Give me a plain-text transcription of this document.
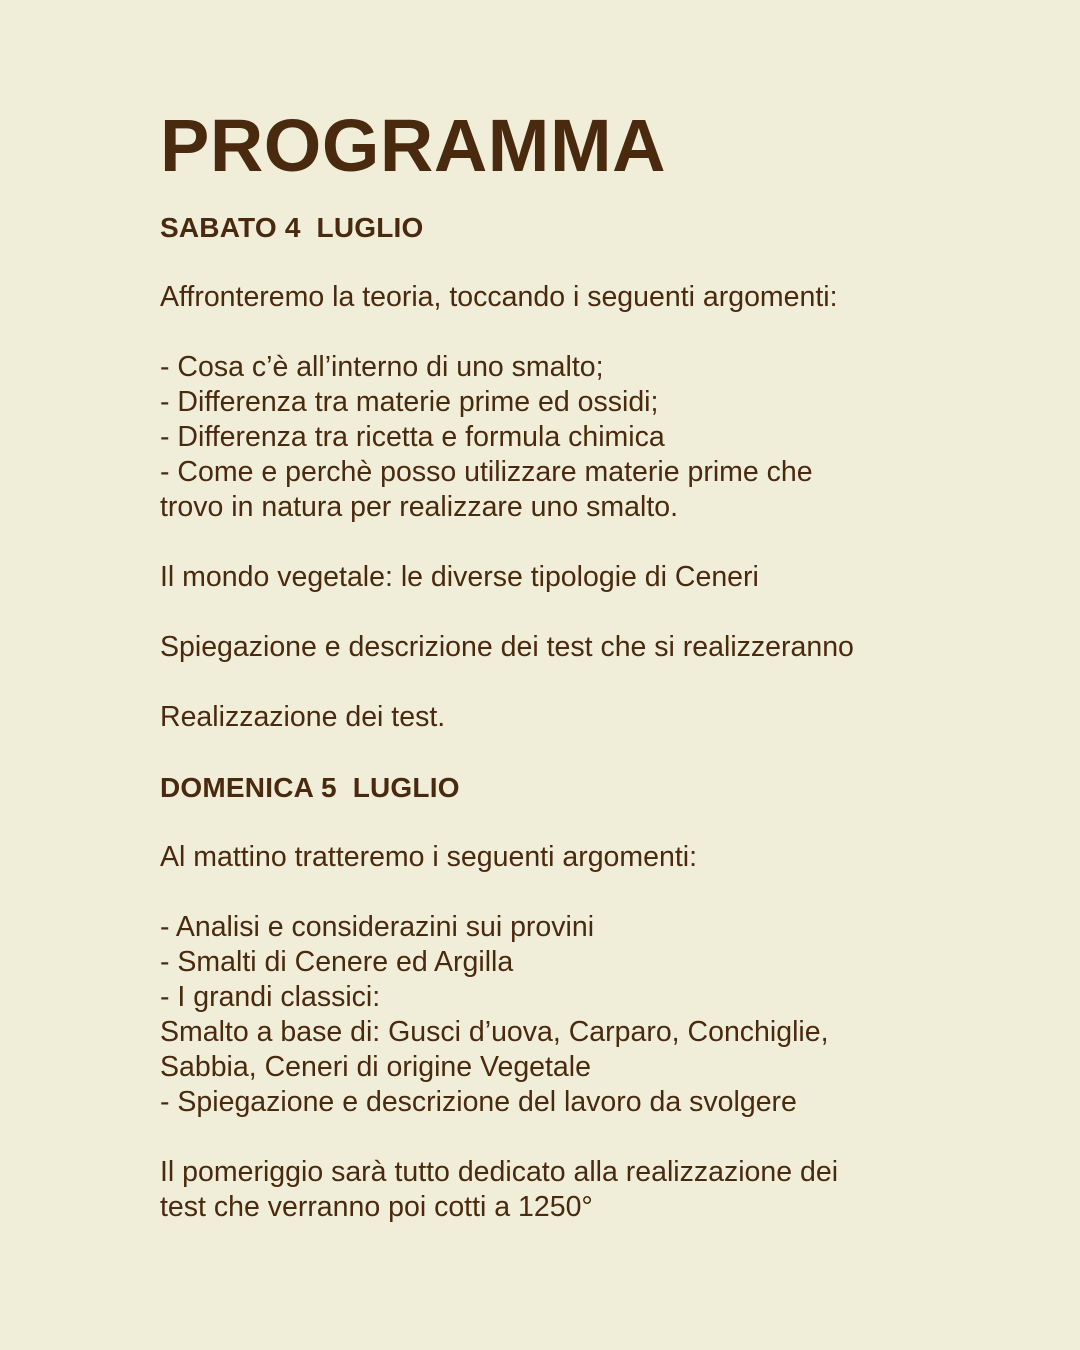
PROGRAMMA
SABATO 4  LUGLIO

Affronteremo la teoria, toccando i seguenti argomenti:

- Cosa c’è all’interno di uno smalto;

- Differenza tra materie prime ed ossidi;

- Differenza tra ricetta e formula chimica

- Come e perchè posso utilizzare materie prime che

trovo in natura per realizzare uno smalto.

Il mondo vegetale: le diverse tipologie di Ceneri

Spiegazione e descrizione dei test che si realizzeranno

Realizzazione dei test.

DOMENICA 5  LUGLIO

Al mattino tratteremo i seguenti argomenti:

- Analisi e considerazini sui provini

- Smalti di Cenere ed Argilla

- I grandi classici:

Smalto a base di: Gusci d’uova, Carparo, Conchiglie,

Sabbia, Ceneri di origine Vegetale

- Spiegazione e descrizione del lavoro da svolgere

Il pomeriggio sarà tutto dedicato alla realizzazione dei

test che verranno poi cotti a 1250°
